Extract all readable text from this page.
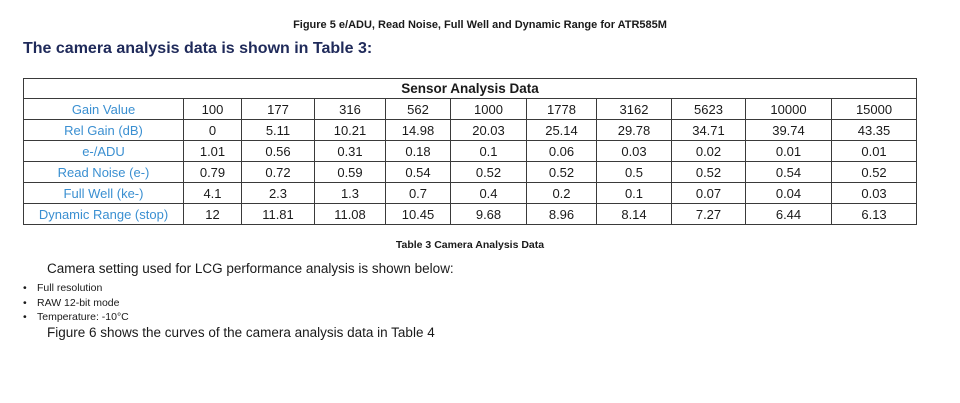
Figure 5 e/ADU, Read Noise, Full Well and Dynamic Range for ATR585M
The camera analysis data is shown in Table 3:
Sensor Analysis Data										
Gain Value	100	177	316	562	1000	1778	3162	5623	10000	15000
Rel Gain (dB)	0	5.11	10.21	14.98	20.03	25.14	29.78	34.71	39.74	43.35
e-/ADU	1.01	0.56	0.31	0.18	0.1	0.06	0.03	0.02	0.01	0.01
Read Noise (e-)	0.79	0.72	0.59	0.54	0.52	0.52	0.5	0.52	0.54	0.52
Full Well (ke-)	4.1	2.3	1.3	0.7	0.4	0.2	0.1	0.07	0.04	0.03
Dynamic Range (stop)	12	11.81	11.08	10.45	9.68	8.96	8.14	7.27	6.44	6.13
Table 3 Camera Analysis Data
Camera setting used for LCG performance analysis is shown below:
• Full resolution
• RAW 12-bit mode
• Temperature: -10°C
Figure 6 shows the curves of the camera analysis data in Table 4
